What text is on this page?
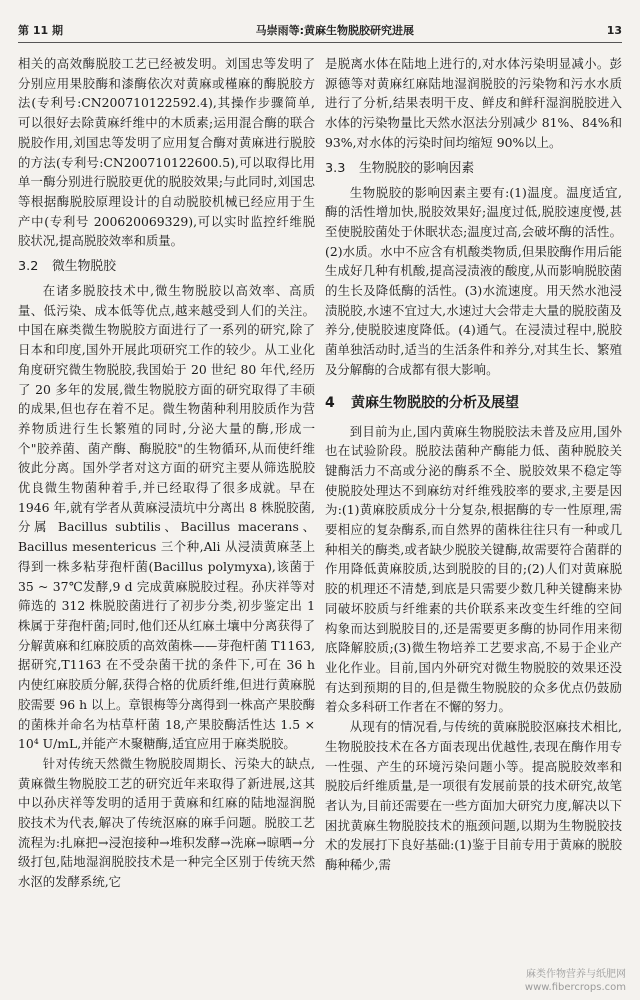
第 11 期	马崇雨等:黄麻生物脱胶研究进展	13

相关的高效酶脱胶工艺已经被发明。刘国忠等发明了分别应用果胶酶和漆酶依次对黄麻或槿麻的酶脱胶方法(专利号:CN200710122592.4),其操作步骤简单,可以很好去除黄麻纤维中的木质素;运用混合酶的联合脱胶作用,刘国忠等发明了应用复合酶对黄麻进行脱胶的方法(专利号:CN200710122600.5),可以取得比用单一酶分别进行脱胶更优的脱胶效果;与此同时,刘国忠等根据酶脱胶原理设计的自动脱胶机械已经应用于生产中(专利号 200620069329),可以实时监控纤维脱胶状况,提高脱胶效率和质量。

3.2 微生物脱胶

在诸多脱胶技术中,微生物脱胶以高效率、高质量、低污染、成本低等优点,越来越受到人们的关注。中国在麻类微生物脱胶方面进行了一系列的研究,除了日本和印度,国外开展此项研究工作的较少。从工业化角度研究微生物脱胶,我国始于 20 世纪 80 年代,经历了 20 多年的发展,微生物脱胶方面的研究取得了丰硕的成果,但也存在着不足。微生物菌种利用胶质作为营养物质进行生长繁殖的同时,分泌大量的酶,形成一个"胶养菌、菌产酶、酶脱胶"的生物循环,从而使纤维彼此分离。国外学者对这方面的研究主要从筛选脱胶优良微生物菌种着手,并已经取得了很多成就。早在 1946 年,就有学者从黄麻浸渍坑中分离出 8 株脱胶菌,分属 Bacillus subtilis、Bacillus macerans、Bacillus mesentericus 三个种,Ali 从浸渍黄麻茎上得到一株多粘芽孢杆菌(Bacillus polymyxa),该菌于 35 ~ 37℃发酵,9 d 完成黄麻脱胶过程。孙庆祥等对筛选的 312 株脱胶菌进行了初步分类,初步鉴定出 1 株属于芽孢杆菌;同时,他们还从红麻土壤中分离获得了分解黄麻和红麻胶质的高效菌株——芽孢杆菌 T1163,据研究,T1163 在不受杂菌干扰的条件下,可在 36 h 内使红麻胶质分解,获得合格的优质纤维,但进行黄麻脱胶需要 96 h 以上。章银梅等分离得到一株高产果胶酶的菌株并命名为枯草杆菌 18,产果胶酶活性达 1.5 × 10⁴ U/mL,并能产木聚糖酶,适宜应用于麻类脱胶。

针对传统天然微生物脱胶周期长、污染大的缺点,黄麻微生物脱胶工艺的研究近年来取得了新进展,这其中以孙庆祥等发明的适用于黄麻和红麻的陆地湿润脱胶技术为代表,解决了传统沤麻的麻手问题。脱胶工艺流程为:扎麻把→浸泡接种→堆积发酵→洗麻→晾晒→分级打包,陆地湿润脱胶技术是一种完全区别于传统天然水沤的发酵系统,它

是脱离水体在陆地上进行的,对水体污染明显减小。彭源德等对黄麻红麻陆地湿润脱胶的污染物和污水水质进行了分析,结果表明干皮、鲜皮和鲜秆湿润脱胶进入水体的污染物量比天然水沤法分别减少 81%、84%和 93%,对水体的污染时间均缩短 90%以上。

3.3 生物脱胶的影响因素

生物脱胶的影响因素主要有:(1)温度。温度适宜,酶的活性增加快,脱胶效果好;温度过低,脱胶速度慢,甚至使脱胶菌处于休眠状态;温度过高,会破坏酶的活性。(2)水质。水中不应含有机酸类物质,但果胶酶作用后能生成好几种有机酸,提高浸渍液的酸度,从而影响脱胶菌的生长及降低酶的活性。(3)水流速度。用天然水池浸渍脱胶,水速不宜过大,水速过大会带走大量的脱胶菌及养分,使脱胶速度降低。(4)通气。在浸渍过程中,脱胶菌单独活动时,适当的生活条件和养分,对其生长、繁殖及分解酶的合成都有很大影响。

4 黄麻生物脱胶的分析及展望

到目前为止,国内黄麻生物脱胶法未普及应用,国外也在试验阶段。脱胶法菌种产酶能力低、菌种脱胶关键酶活力不高或分泌的酶系不全、脱胶效果不稳定等使脱胶处理达不到麻纺对纤维残胶率的要求,主要是因为:(1)黄麻胶质成分十分复杂,根据酶的专一性原理,需要相应的复杂酶系,而自然界的菌株往往只有一种或几种相关的酶类,或者缺少脱胶关键酶,故需要符合菌群的作用降低黄麻胶质,达到脱胶的目的;(2)人们对黄麻脱胶的机理还不清楚,到底是只需要少数几种关键酶来协同破坏胶质与纤维素的共价联系来改变生纤维的空间构象而达到脱胶目的,还是需要更多酶的协同作用来彻底降解胶质;(3)微生物培养工艺要求高,不易于企业产业化作业。目前,国内外研究对微生物脱胶的效果还没有达到预期的目的,但是微生物脱胶的众多优点仍鼓励着众多科研工作者在不懈的努力。

从现有的情况看,与传统的黄麻脱胶沤麻技术相比,生物脱胶技术在各方面表现出优越性,表现在酶作用专一性强、产生的环境污染问题小等。提高脱胶效率和脱胶后纤维质量,是一项很有发展前景的技术研究,故笔者认为,目前还需要在一些方面加大研究力度,解决以下困扰黄麻生物脱胶技术的瓶颈问题,以期为生物脱胶技术的发展打下良好基础:(1)鉴于目前专用于黄麻的脱胶酶种稀少,需

麻类作物营养与纸肥网
www.fibercrops.com
